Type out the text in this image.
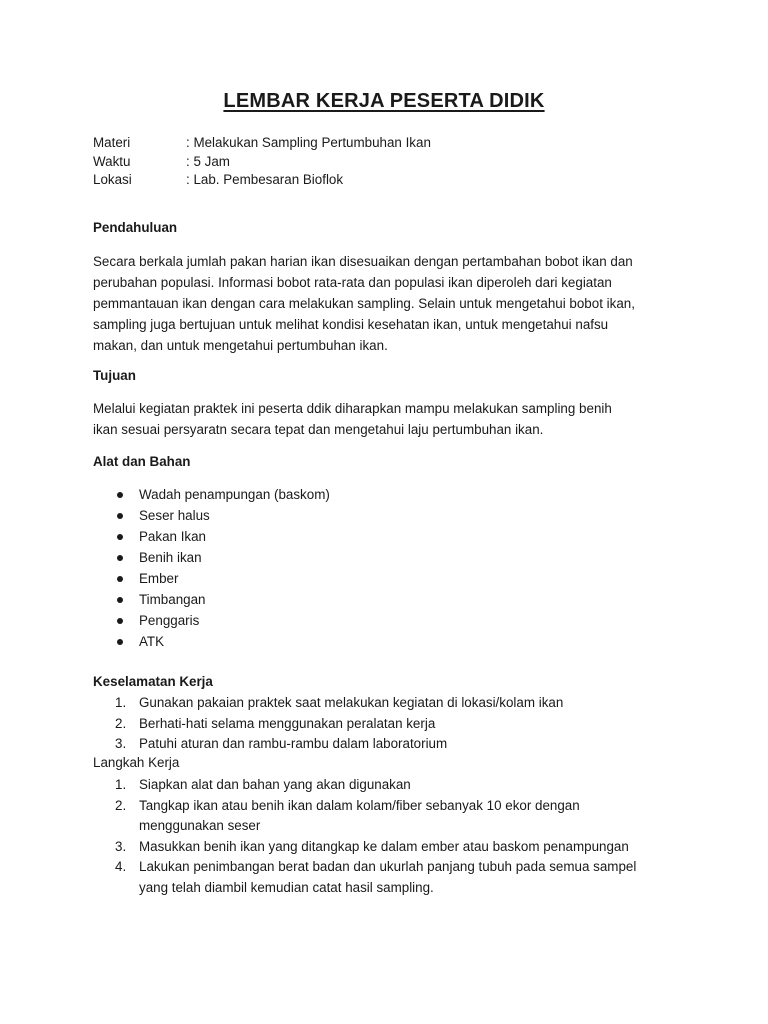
LEMBAR KERJA PESERTA DIDIK
Materi	: Melakukan Sampling Pertumbuhan Ikan
Waktu	: 5 Jam
Lokasi	: Lab. Pembesaran Bioflok
Pendahuluan
Secara berkala jumlah pakan harian ikan disesuaikan dengan pertambahan bobot ikan dan
perubahan populasi. Informasi bobot rata-rata dan populasi ikan diperoleh dari kegiatan
pemmantauan ikan dengan cara melakukan sampling. Selain untuk mengetahui bobot ikan,
sampling juga bertujuan untuk melihat kondisi kesehatan ikan, untuk mengetahui nafsu
makan, dan untuk mengetahui pertumbuhan ikan.
Tujuan
Melalui kegiatan praktek ini peserta ddik diharapkan mampu melakukan sampling benih
ikan sesuai persyaratn secara tepat dan mengetahui laju pertumbuhan ikan.
Alat dan Bahan
Wadah penampungan (baskom)
Seser halus
Pakan Ikan
Benih ikan
Ember
Timbangan
Penggaris
ATK
Keselamatan Kerja
1. Gunakan pakaian praktek saat melakukan kegiatan di lokasi/kolam ikan
2. Berhati-hati selama menggunakan peralatan kerja
3. Patuhi aturan dan rambu-rambu dalam laboratorium
Langkah Kerja
1. Siapkan alat dan bahan yang akan digunakan
2. Tangkap ikan atau benih ikan dalam kolam/fiber sebanyak 10 ekor dengan
menggunakan seser
3. Masukkan benih ikan yang ditangkap ke dalam ember atau baskom penampungan
4. Lakukan penimbangan berat badan dan ukurlah panjang tubuh pada semua sampel
yang telah diambil kemudian catat hasil sampling.
